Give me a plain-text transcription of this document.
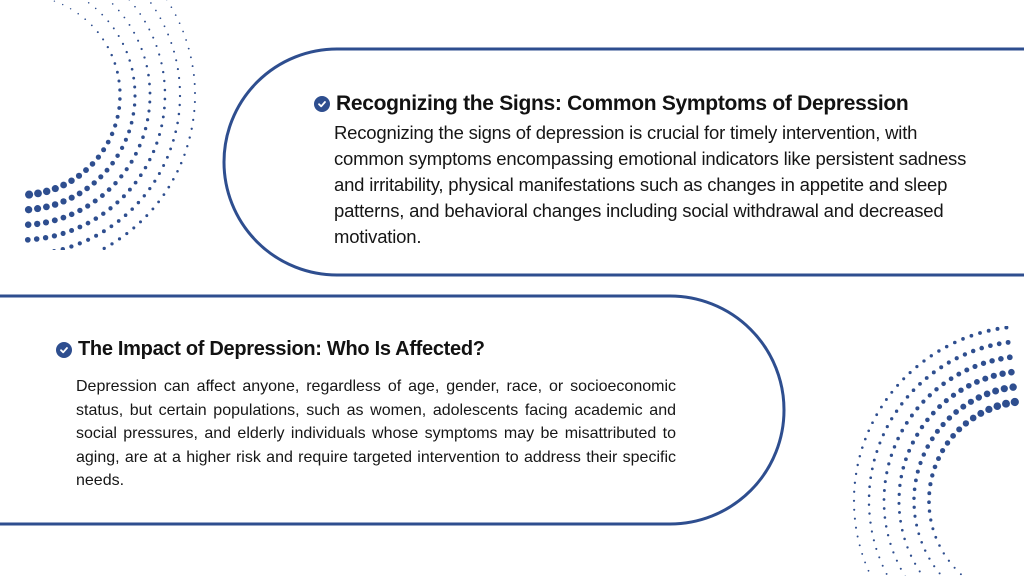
Recognizing the Signs: Common Symptoms of Depression
Recognizing the signs of depression is crucial for timely intervention, with common symptoms encompassing emotional indicators like persistent sadness and irritability, physical manifestations such as changes in appetite and sleep patterns, and behavioral changes including social withdrawal and decreased motivation.
The Impact of Depression: Who Is Affected?
Depression can affect anyone, regardless of age, gender, race, or socioeconomic status, but certain populations, such as women, adolescents facing academic and social pressures, and elderly individuals whose symptoms may be misattributed to aging, are at a higher risk and require targeted intervention to address their specific needs.
